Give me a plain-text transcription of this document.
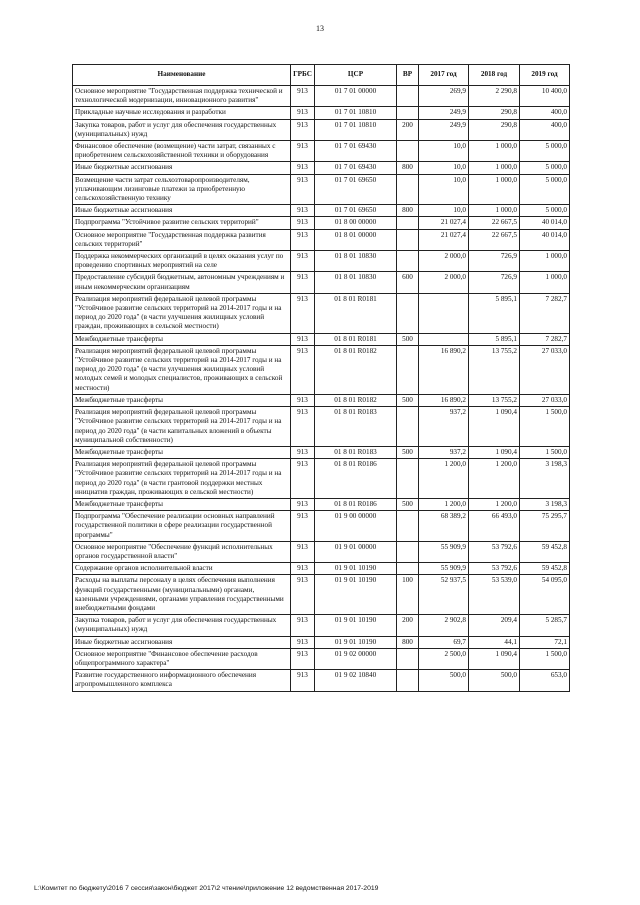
13
Наименование	ГРБС	ЦСР	ВР	2017 год	2018 год	2019 год
Основное мероприятие "Государственная поддержка технической и технологической модернизации, инновационного развития"	913	01 7 01 00000		269,9	2 290,8	10 400,0
Прикладные научные исследования и разработки	913	01 7 01 10810		249,9	290,8	400,0
Закупка товаров, работ и услуг для обеспечения государственных (муниципальных) нужд	913	01 7 01 10810	200	249,9	290,8	400,0
Финансовое обеспечение (возмещение) части затрат, связанных с приобретением сельскохозяйственной техники и оборудования	913	01 7 01 69430		10,0	1 000,0	5 000,0
Иные бюджетные ассигнования	913	01 7 01 69430	800	10,0	1 000,0	5 000,0
Возмещение части затрат сельхозтоваропроизводителям, уплачивающим лизинговые платежи за приобретенную сельскохозяйственную технику	913	01 7 01 69650		10,0	1 000,0	5 000,0
Иные бюджетные ассигнования	913	01 7 01 69650	800	10,0	1 000,0	5 000,0
Подпрограмма "Устойчивое развитие сельских территорий"	913	01 8 00 00000		21 027,4	22 667,5	40 014,0
Основное мероприятие "Государственная поддержка развития сельских территорий"	913	01 8 01 00000		21 027,4	22 667,5	40 014,0
Поддержка некоммерческих организаций в целях оказания услуг по проведению спортивных мероприятий на селе	913	01 8 01 10830		2 000,0	726,9	1 000,0
Предоставление субсидий бюджетным, автономным учреждениям и иным некоммерческим организациям	913	01 8 01 10830	600	2 000,0	726,9	1 000,0
Реализация мероприятий федеральной целевой программы "Устойчивое развитие сельских территорий на 2014-2017 годы и на период до 2020 года" (в части улучшения жилищных условий граждан, проживающих в сельской местности)	913	01 8 01 R0181			5 895,1	7 282,7
Межбюджетные трансферты	913	01 8 01 R0181	500		5 895,1	7 282,7
Реализация мероприятий федеральной целевой программы "Устойчивое развитие сельских территорий на 2014-2017 годы и на период до 2020 года" (в части улучшения жилищных условий молодых семей и молодых специалистов, проживающих в сельской местности)	913	01 8 01 R0182		16 890,2	13 755,2	27 033,0
Межбюджетные трансферты	913	01 8 01 R0182	500	16 890,2	13 755,2	27 033,0
Реализация мероприятий федеральной целевой программы "Устойчивое развитие сельских территорий на 2014-2017 годы и на период до 2020 года" (в части капитальных вложений в объекты муниципальной собственности)	913	01 8 01 R0183		937,2	1 090,4	1 500,0
Межбюджетные трансферты	913	01 8 01 R0183	500	937,2	1 090,4	1 500,0
Реализация мероприятий федеральной целевой программы "Устойчивое развитие сельских территорий на 2014-2017 годы и на период до 2020 года" (в части грантовой поддержки местных инициатив граждан, проживающих в сельской местности)	913	01 8 01 R0186		1 200,0	1 200,0	3 198,3
Межбюджетные трансферты	913	01 8 01 R0186	500	1 200,0	1 200,0	3 198,3
Подпрограмма "Обеспечение реализации основных направлений государственной политики в сфере реализации государственной программы"	913	01 9 00 00000		68 389,2	66 493,0	75 295,7
Основное мероприятие "Обеспечение функций исполнительных органов государственной власти"	913	01 9 01 00000		55 909,9	53 792,6	59 452,8
Содержание органов исполнительной власти	913	01 9 01 10190		55 909,9	53 792,6	59 452,8
Расходы на выплаты персоналу в целях обеспечения выполнения функций государственными (муниципальными) органами, казенными учреждениями, органами управления государственными внебюджетными фондами	913	01 9 01 10190	100	52 937,5	53 539,0	54 095,0
Закупка товаров, работ и услуг для обеспечения государственных (муниципальных) нужд	913	01 9 01 10190	200	2 902,8	209,4	5 285,7
Иные бюджетные ассигнования	913	01 9 01 10190	800	69,7	44,1	72,1
Основное мероприятие "Финансовое обеспечение расходов общепрограммного характера"	913	01 9 02 00000		2 500,0	1 090,4	1 500,0
Развитие государственного информационного обеспечения агропромышленного комплекса	913	01 9 02 10840		500,0	500,0	653,0
L:\Комитет по бюджету\2016 7 сессия\закон\бюджет 2017\2 чтение\приложение 12 ведомственная 2017-2019
